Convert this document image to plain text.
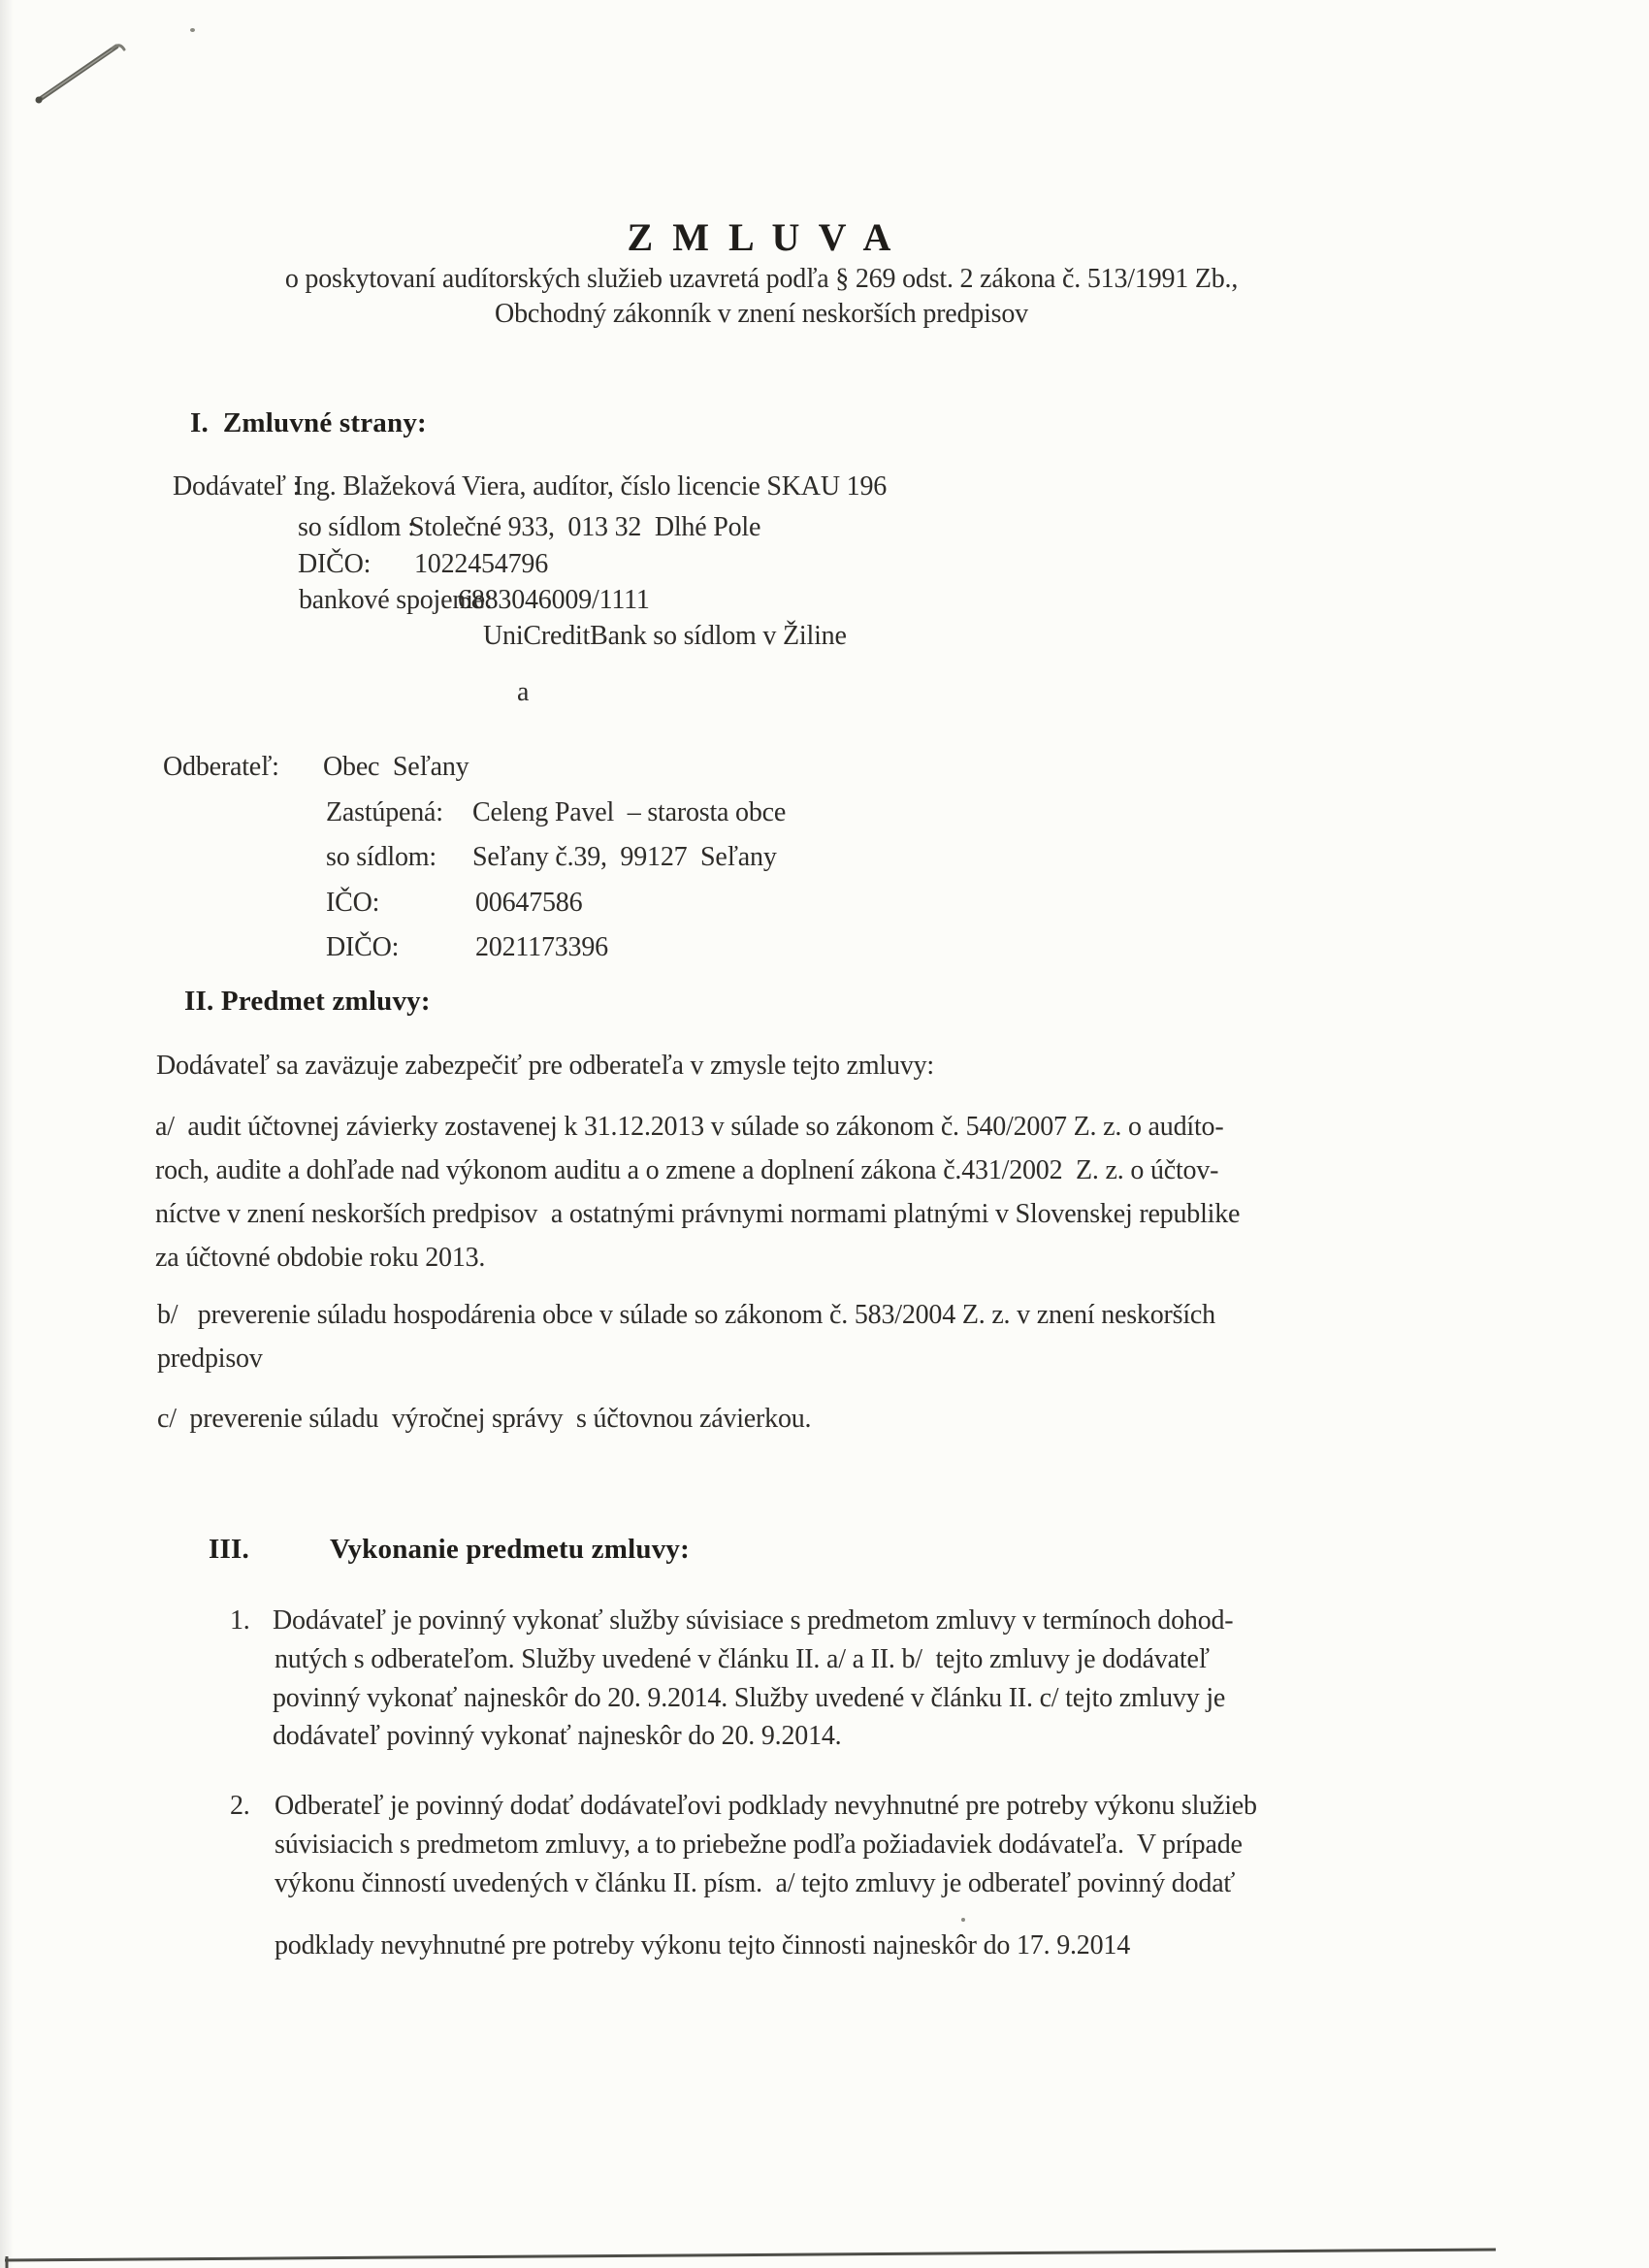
Z M L U V A
o poskytovaní audítorských služieb uzavretá podľa § 269 odst. 2 zákona č. 513/1991 Zb.,
Obchodný zákonník v znení neskorších predpisov
I.  Zmluvné strany:
Dodávateľ :
Ing. Blažeková Viera, audítor, číslo licencie SKAU 196
so sídlom :
Stolečné 933,  013 32  Dlhé Pole
DIČO: 1022454796
bankové spojenie:
6883046009/1111
UniCreditBank so sídlom v Žiline
a
Odberateľ: Obec  Seľany
Zastúpená: Celeng Pavel  – starosta obce
so sídlom: Seľany č.39,  99127  Seľany
IČO:	00647586
DIČO:	2021173396
II. Predmet zmluvy:
Dodávateľ sa zaväzuje zabezpečiť pre odberateľa v zmysle tejto zmluvy:
a/  audit účtovnej závierky zostavenej k 31.12.2013 v súlade so zákonom č. 540/2007 Z. z. o audíto-
roch, audite a dohľade nad výkonom auditu a o zmene a doplnení zákona č.431/2002  Z. z. o účtov-
níctve v znení neskorších predpisov  a ostatnými právnymi normami platnými v Slovenskej republike
za účtovné obdobie roku 2013.
b/   preverenie súladu hospodárenia obce v súlade so zákonom č. 583/2004 Z. z. v znení neskorších
predpisov
c/  preverenie súladu  výročnej správy  s účtovnou závierkou.
III.	Vykonanie predmetu zmluvy:
1. Dodávateľ je povinný vykonať služby súvisiace s predmetom zmluvy v termínoch dohod-
nutých s odberateľom. Služby uvedené v článku II. a/ a II. b/  tejto zmluvy je dodávateľ
povinný vykonať najneskôr do 20. 9.2014. Služby uvedené v článku II. c/ tejto zmluvy je
dodávateľ povinný vykonať najneskôr do 20. 9.2014.
2. Odberateľ je povinný dodať dodávateľovi podklady nevyhnutné pre potreby výkonu služieb
súvisiacich s predmetom zmluvy, a to priebežne podľa požiadaviek dodávateľa.  V prípade
výkonu činností uvedených v článku II. písm.  a/ tejto zmluvy je odberateľ povinný dodať
podklady nevyhnutné pre potreby výkonu tejto činnosti najneskôr do 17. 9.2014
